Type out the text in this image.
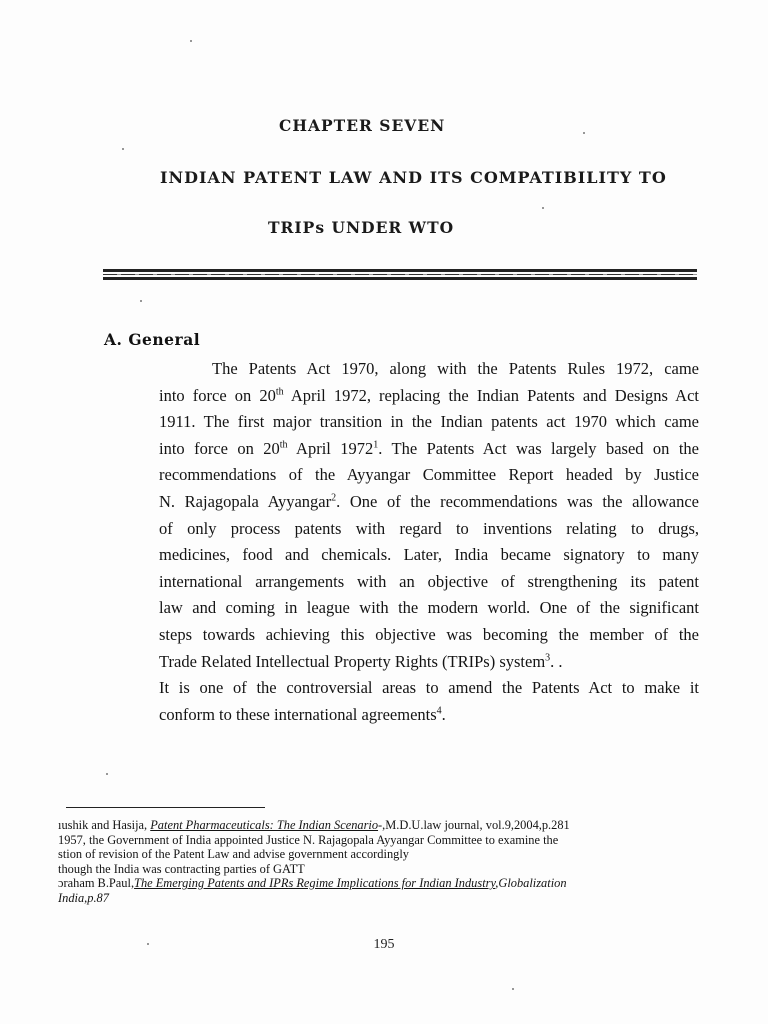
CHAPTER SEVEN
INDIAN PATENT LAW AND ITS COMPATIBILITY TO
TRIPs UNDER WTO
A. General
The Patents Act 1970, along with the Patents Rules 1972, came
into force on 20th April 1972, replacing the Indian Patents and Designs Act
1911. The first major transition in the Indian patents act 1970 which came
into force on 20th April 1972$^1$. The Patents Act was largely based on the
recommendations of the Ayyangar Committee Report headed by Justice
N. Rajagopala Ayyangar$^2$. One of the recommendations was the allowance
of only process patents with regard to inventions relating to drugs,
medicines, food and chemicals. Later, India became signatory to many
international arrangements with an objective of strengthening its patent
law and coming in league with the modern world. One of the significant
steps towards achieving this objective was becoming the member of the
Trade Related Intellectual Property Rights (TRIPs) system$^3$. .
It is one of the controversial areas to amend the Patents Act to make it
conform to these international agreements$^4$.
ıushik and Hasija, Patent Pharmaceuticals: The Indian Scenario-,M.D.U.law journal, vol.9,2004,p.281
1957, the Government of India appointed Justice N. Rajagopala Ayyangar Committee to examine the
stion of revision of the Patent Law and advise government accordingly
though the India was contracting parties of GATT
ɔraham B.Paul,The Emerging Patents and IPRs Regime Implications for Indian Industry,Globalization
India,p.87
195
